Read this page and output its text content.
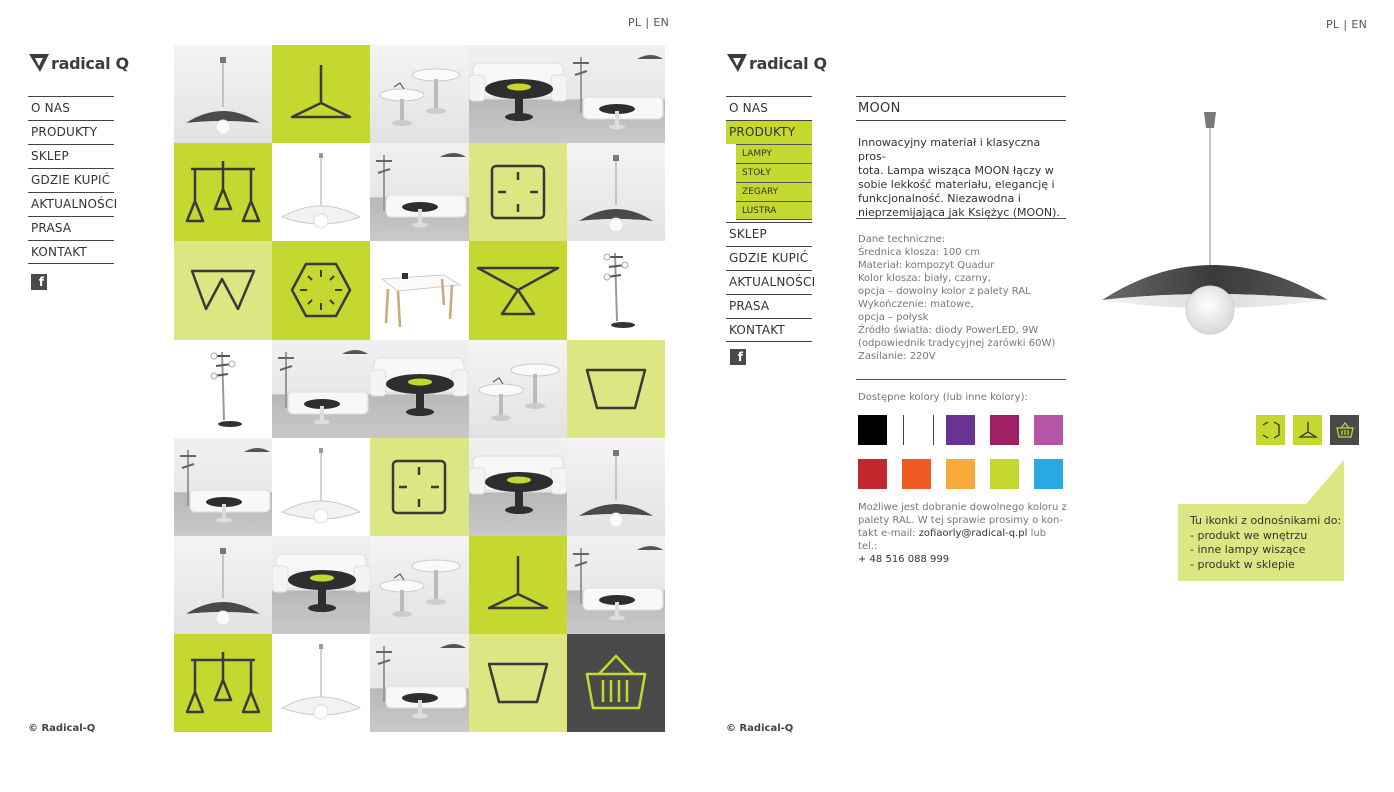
PL | EN
radical Q
O NAS
PRODUKTY
SKLEP
GDZIE KUPIĆ
AKTUALNOŚCI
PRASA
KONTAKT
f
© Radical-Q
PL | EN
radical Q
O NAS
PRODUKTY
LAMPY
STOŁY
ZEGARY
LUSTRA
SKLEP
GDZIE KUPIĆ
AKTUALNOŚCI
PRASA
KONTAKT
f
© Radical-Q
MOON
Innowacyjny materiał i klasyczna pros-
tota. Lampa wisząca MOON łączy w
sobie lekkość materiału, elegancję i
funkcjonalność. Niezawodna i
nieprzemijająca jak Księżyc (MOON).
Dane techniczne:
Średnica klosza: 100 cm
Materiał: kompozyt Quadur
Kolor klosza: biały, czarny,
opcja – dowolny kolor z palety RAL
Wykończenie: matowe,
opcja – połysk
Źródło światła: diody PowerLED, 9W
(odpowiednik tradycyjnej żarówki 60W)
Zasilanie: 220V
Dostępne kolory (lub inne kolory):
Możliwe jest dobranie dowolnego koloru z
palety RAL. W tej sprawie prosimy o kon-
takt e-mail: zofiaorly@radical-q.pl lub tel.:
+ 48 516 088 999
Tu ikonki z odnośnikami do:
- produkt we wnętrzu
- inne lampy wiszące
- produkt w sklepie
